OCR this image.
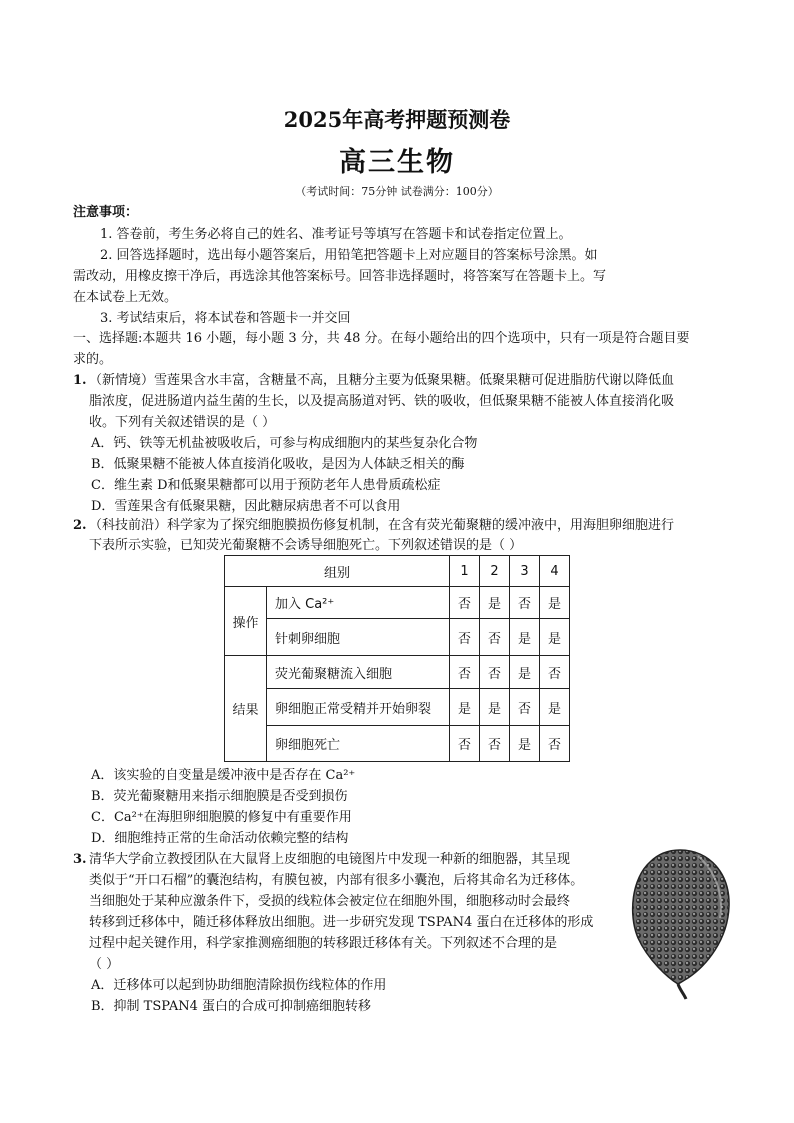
2025年高考押题预测卷
高三生物
（考试时间：75分钟 试卷满分：100分）
注意事项：
1. 答卷前，考生务必将自己的姓名、准考证号等填写在答题卡和试卷指定位置上。
2. 回答选择题时，选出每小题答案后，用铅笔把答题卡上对应题目的答案标号涂黑。如
需改动，用橡皮擦干净后，再选涂其他答案标号。回答非选择题时，将答案写在答题卡上。写
在本试卷上无效。
3. 考试结束后，将本试卷和答题卡一并交回
一、选择题:本题共 16 小题，每小题 3 分，共 48 分。在每小题给出的四个选项中，只有一项是符合题目要
求的。
1. （新情境）雪莲果含水丰富，含糖量不高，且糖分主要为低聚果糖。低聚果糖可促进脂肪代谢以降低血
脂浓度，促进肠道内益生菌的生长，以及提高肠道对钙、铁的吸收，但低聚果糖不能被人体直接消化吸
收。下列有关叙述错误的是（ ）
A．钙、铁等无机盐被吸收后，可参与构成细胞内的某些复杂化合物
B．低聚果糖不能被人体直接消化吸收，是因为人体缺乏相关的酶
C．维生素 D和低聚果糖都可以用于预防老年人患骨质疏松症
D．雪莲果含有低聚果糖，因此糖尿病患者不可以食用
2. （科技前沿）科学家为了探究细胞膜损伤修复机制，在含有荧光葡聚糖的缓冲液中，用海胆卵细胞进行
下表所示实验，已知荧光葡聚糖不会诱导细胞死亡。下列叙述错误的是（ ）
组别		1	2	3	4
操作	加入 Ca²⁺	否	是	否	是
	针刺卵细胞	否	否	是	是
结果	荧光葡聚糖流入细胞	否	否	是	否
	卵细胞正常受精并开始卵裂	是	是	否	是
	卵细胞死亡	否	否	是	否
A．该实验的自变量是缓冲液中是否存在 Ca²⁺
B．荧光葡聚糖用来指示细胞膜是否受到损伤
C．Ca²⁺在海胆卵细胞膜的修复中有重要作用
D．细胞维持正常的生命活动依赖完整的结构
3. 清华大学俞立教授团队在大鼠肾上皮细胞的电镜图片中发现一种新的细胞器，其呈现
类似于“开口石榴”的囊泡结构，有膜包被，内部有很多小囊泡，后将其命名为迁移体。
当细胞处于某种应激条件下，受损的线粒体会被定位在细胞外围，细胞移动时会最终
转移到迁移体中，随迁移体释放出细胞。进一步研究发现 TSPAN4 蛋白在迁移体的形成
过程中起关键作用，科学家推测癌细胞的转移跟迁移体有关。下列叙述不合理的是
（ ）
A．迁移体可以起到协助细胞清除损伤线粒体的作用
B．抑制 TSPAN4 蛋白的合成可抑制癌细胞转移
